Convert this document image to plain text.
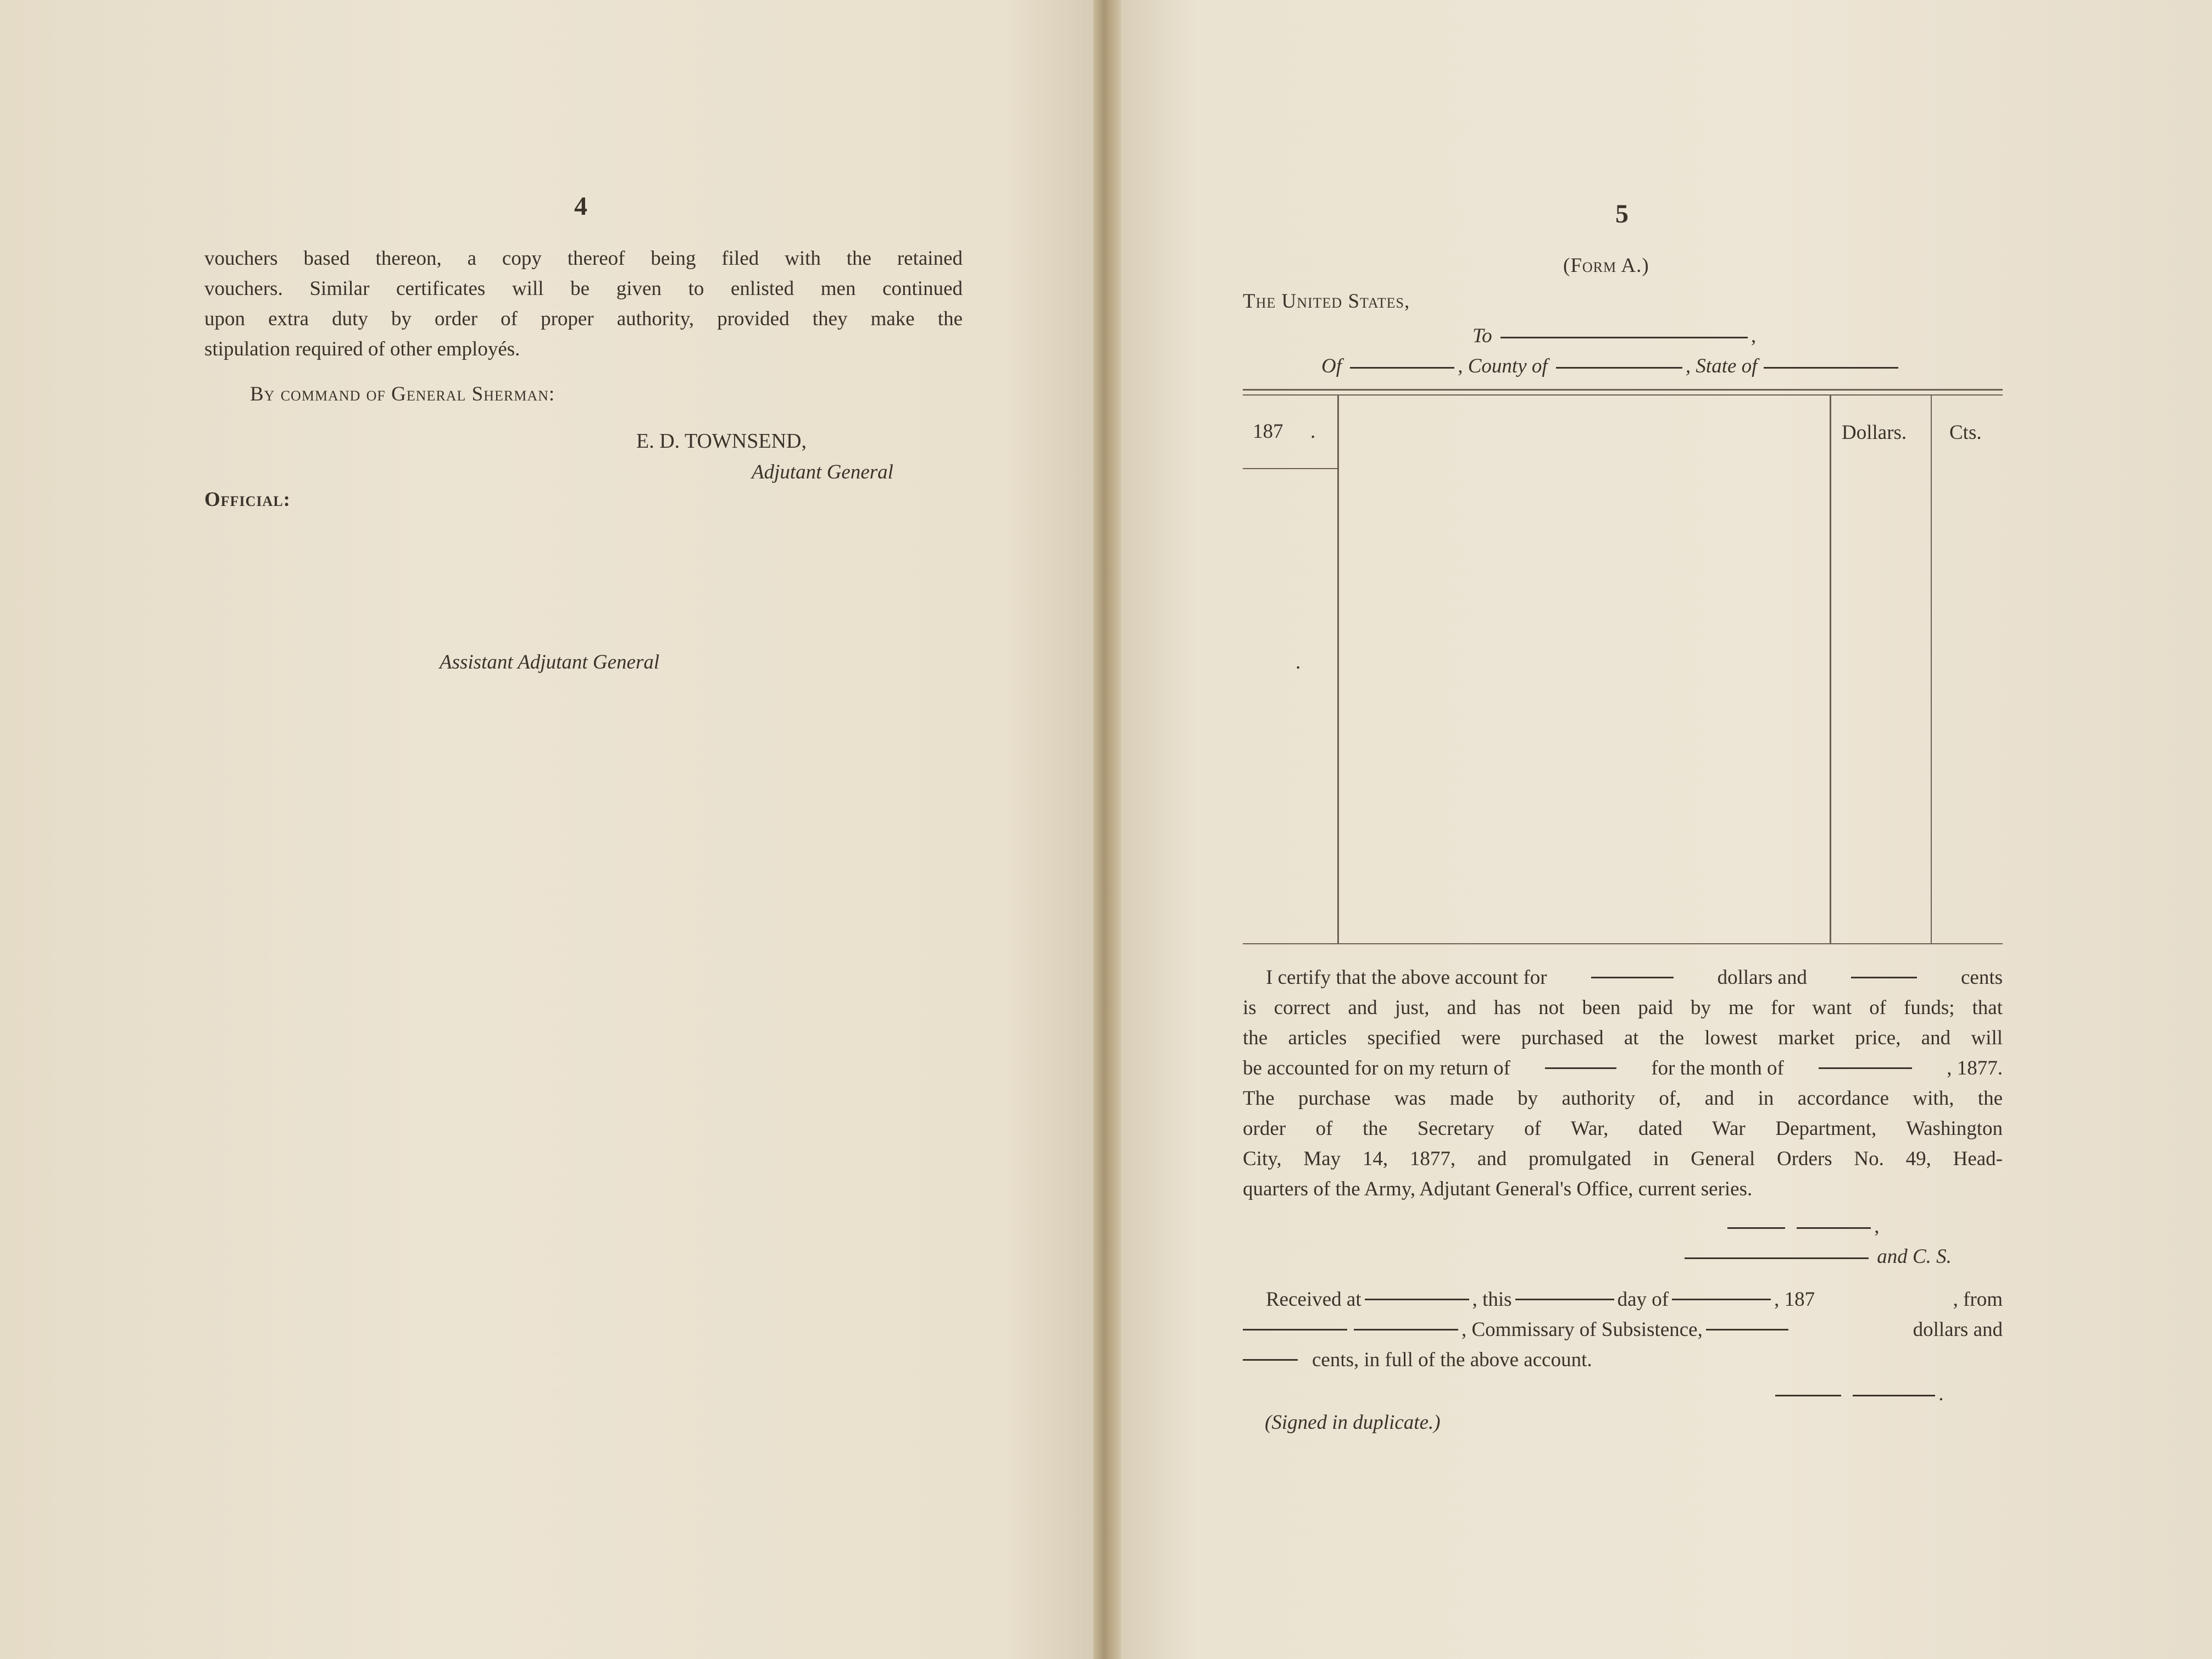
4
vouchers based thereon, a copy thereof being filed with the retained
vouchers. Similar certificates will be given to enlisted men continued
upon extra duty by order of proper authority, provided they make the
stipulation required of other employés.
By command of General Sherman:
E. D. TOWNSEND,
Adjutant General
Official:
Assistant Adjutant General
5
(Form A.)
The United States,
To	,
Of	, County of	, State of
187 .	Dollars. Cts.
.
I certify that the above account for	dollars and	cents
is correct and just, and has not been paid by me for want of funds; that
the articles specified were purchased at the lowest market price, and will
be accounted for on my return of	for the month of	, 1877.
The purchase was made by authority of, and in accordance with, the
order of the Secretary of War, dated War Department, Washington
City, May 14, 1877, and promulgated in General Orders No. 49, Head-
quarters of the Army, Adjutant General's Office, current series.
,
and C. S.
Received at	, this	day of	, 187	, from
, Commissary of Subsistence,	dollars and
cents, in full of the above account.
.
(Signed in duplicate.)
